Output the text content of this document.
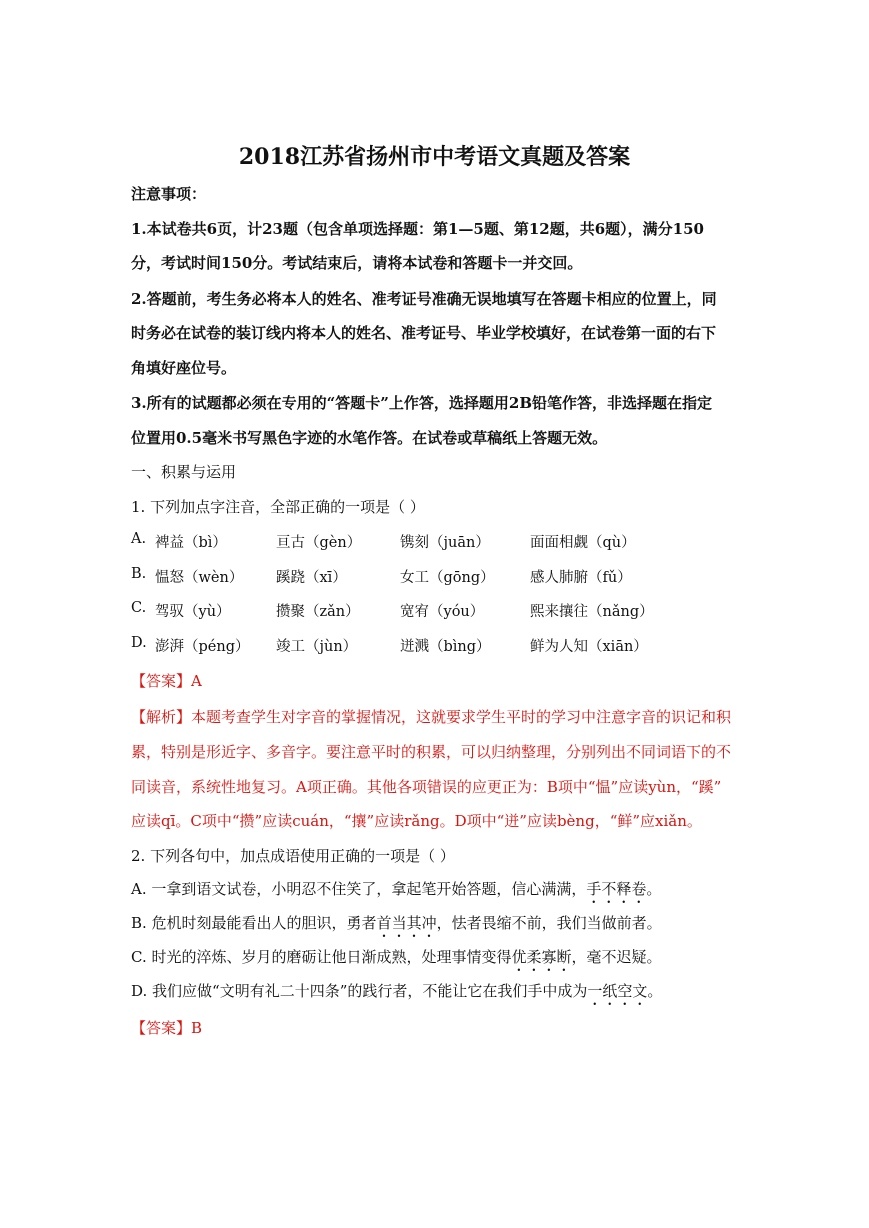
2018江苏省扬州市中考语文真题及答案
注意事项：
1.本试卷共6页，计23题（包含单项选择题：第1—5题、第12题，共6题），满分150
分，考试时间150分。考试结束后，请将本试卷和答题卡一并交回。
2.答题前，考生务必将本人的姓名、准考证号准确无误地填写在答题卡相应的位置上，同
时务必在试卷的装订线内将本人的姓名、准考证号、毕业学校填好，在试卷第一面的右下
角填好座位号。
3.所有的试题都必须在专用的“答题卡”上作答，选择题用2B铅笔作答，非选择题在指定
位置用0.5毫米书写黑色字迹的水笔作答。在试卷或草稿纸上答题无效。
一、积累与运用
1. 下列加点字注音，全部正确的一项是（ ）
A. 裨益（bì）	亘古（gèn）	镌刻（juān）	面面相觑（qù）
B. 愠怒（wèn） 蹊跷（xī）	女工（gōng） 感人肺腑（fǔ）
C. 驾驭（yù）	攒聚（zǎn）	宽宥（yóu）	熙来攘往（nǎng）
D. 澎湃（péng） 竣工（jùn）	迸溅（bìng）	鲜为人知（xiān）
【答案】A
【解析】本题考查学生对字音的掌握情况，这就要求学生平时的学习中注意字音的识记和积
累，特别是形近字、多音字。要注意平时的积累，可以归纳整理，分别列出不同词语下的不
同读音，系统性地复习。A项正确。其他各项错误的应更正为：B项中“愠”应读yùn，“蹊”
应读qī。C项中“攒”应读cuán，“攘”应读rǎng。D项中“迸”应读bèng，“鲜”应xiǎn。
2. 下列各句中，加点成语使用正确的一项是（ ）
A. 一拿到语文试卷，小明忍不住笑了，拿起笔开始答题，信心满满，手不释卷。
B. 危机时刻最能看出人的胆识，勇者首当其冲，怯者畏缩不前，我们当做前者。
C. 时光的淬炼、岁月的磨砺让他日渐成熟，处理事情变得优柔寡断，毫不迟疑。
D. 我们应做“文明有礼二十四条”的践行者，不能让它在我们手中成为一纸空文。
【答案】B
